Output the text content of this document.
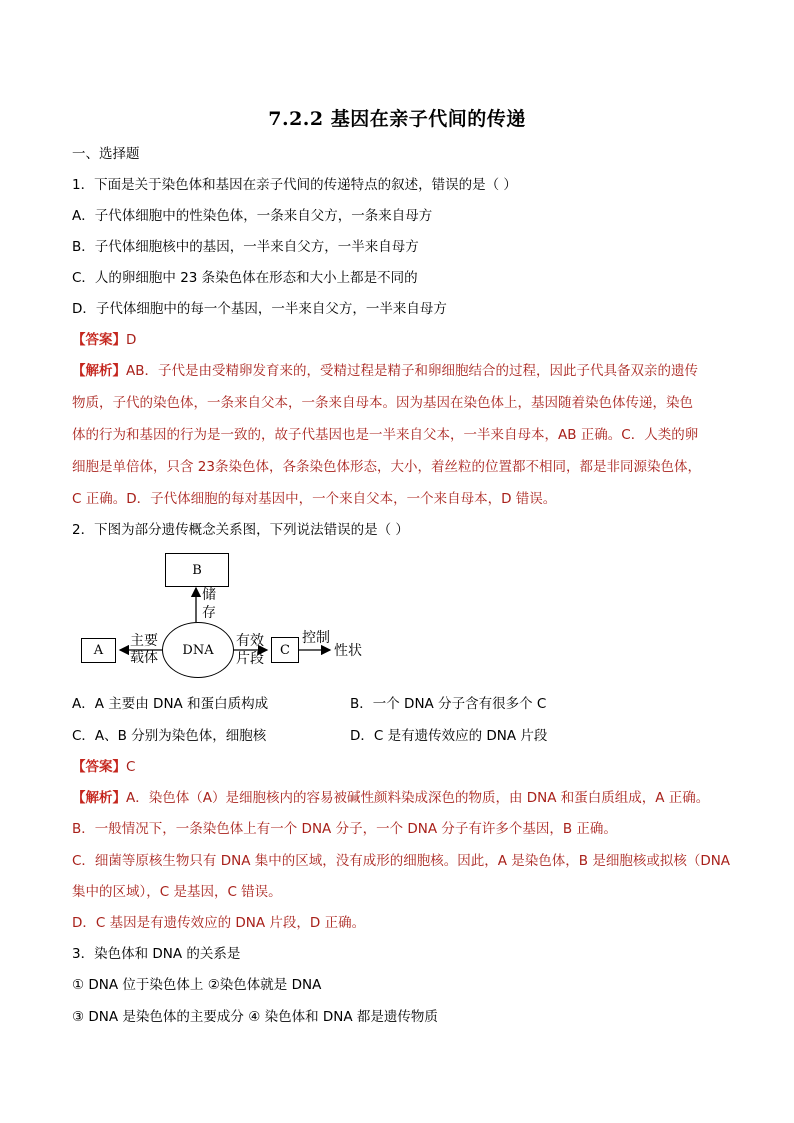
7.2.2 基因在亲子代间的传递
一、选择题
1．下面是关于染色体和基因在亲子代间的传递特点的叙述，错误的是（ ）
A．子代体细胞中的性染色体，一条来自父方，一条来自母方
B．子代体细胞核中的基因，一半来自父方，一半来自母方
C．人的卵细胞中 23 条染色体在形态和大小上都是不同的
D．子代体细胞中的每一个基因，一半来自父方，一半来自母方
【答案】D
【解析】AB．子代是由受精卵发育来的，受精过程是精子和卵细胞结合的过程，因此子代具备双亲的遗传
物质，子代的染色体，一条来自父本，一条来自母本。因为基因在染色体上，基因随着染色体传递，染色
体的行为和基因的行为是一致的，故子代基因也是一半来自父本，一半来自母本，AB 正确。C．人类的卵
细胞是单倍体，只含 23条染色体，各条染色体形态，大小，着丝粒的位置都不相同，都是非同源染色体，
C 正确。D．子代体细胞的每对基因中，一个来自父本，一个来自母本，D 错误。
2．下图为部分遗传概念关系图，下列说法错误的是（ ）
B
A	C
DNA
储
存
主要
载体
有效
片段
控制
性状
A．A 主要由 DNA 和蛋白质构成	B．一个 DNA 分子含有很多个 C
C．A、B 分别为染色体，细胞核	D．C 是有遗传效应的 DNA 片段
【答案】C
【解析】A．染色体（A）是细胞核内的容易被碱性颜料染成深色的物质，由 DNA 和蛋白质组成，A 正确。
B．一般情况下，一条染色体上有一个 DNA 分子，一个 DNA 分子有许多个基因，B 正确。
C．细菌等原核生物只有 DNA 集中的区域，没有成形的细胞核。因此，A 是染色体，B 是细胞核或拟核（DNA
集中的区域），C 是基因，C 错误。
D．C 基因是有遗传效应的 DNA 片段，D 正确。
3．染色体和 DNA 的关系是
① DNA 位于染色体上 ②染色体就是 DNA
③ DNA 是染色体的主要成分 ④ 染色体和 DNA 都是遗传物质
